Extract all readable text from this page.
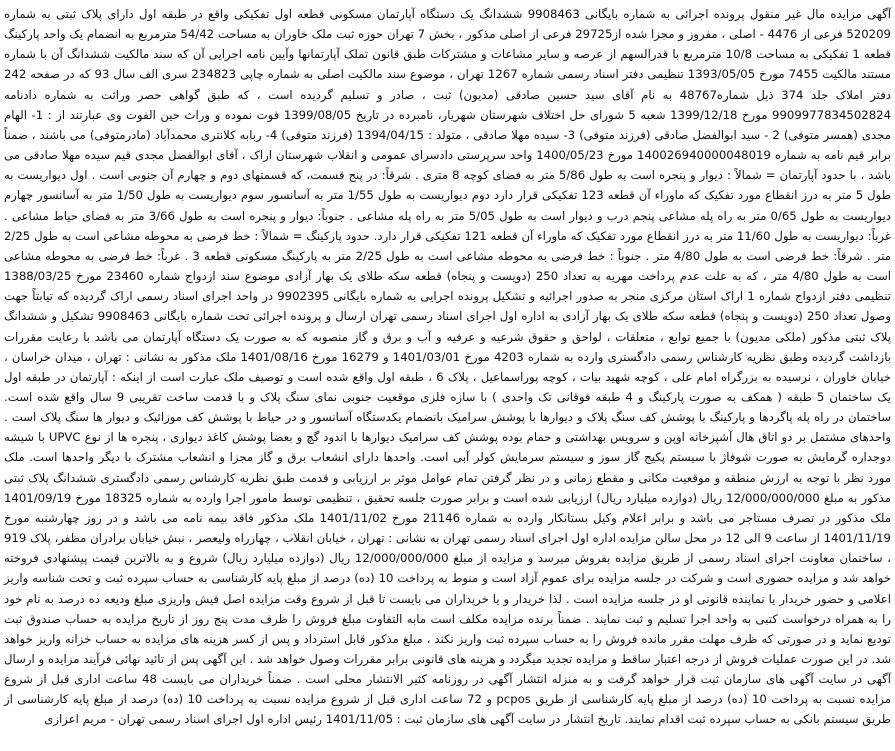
آگهی مزایده مال غیر منقول پرونده اجرائی به شماره بایگانی 9908463 ششدانگ یک دستگاه آپارتمان مسکونی قطعه اول تفکیکی واقع در طبقه اول دارای پلاک ثبتی به شماره 520209 فرعی از 4476 - اصلی ، مفروز و مجزا شده از29725 فرعی از اصلی مذکور ، بخش 7 تهران حوزه ثبت ملک خاوران به مساحت 54/42 مترمربع به انضمام یک واحد پارکینگ قطعه 1 تفکیکی به مساحت 10/8 مترمربع با قدرالسهم از عرصه و سایر مشاعات و مشترکات طبق قانون تملک آپارتمانها وآیین نامه اجرایی آن که سند مالکیت ششدانگ آن با شماره مستند مالکیت 7455 مورخ 1393/05/05 تنظیمی دفتر اسناد رسمی شماره 1267 تهران ، موضوع سند مالکیت اصلی به شماره چاپی 234823 سری الف سال 93 که در صفحه 242 دفتر املاک جلد 374 ذیل شماره48767 به نام آقای سید حسین صادقی (مدیون) ثبت ، صادر و تسلیم گردیده است ، که طبق گواهی حصر وراثت به شماره دادنامه 9909977834502824 مورخ 1399/12/18 شعبه 5 شورای حل اختلاف شهرستان شهریار، نامبرده در تاریخ 1399/08/05 فوت نموده و وراث حین الفوت وی عبارتند از : 1- الهام مجدی (همسر متوفی) 2 - سید ابوالفضل صادقی (فرزند متوفی) 3- سیده مهلا صادقی ، متولد : 1394/04/15 (فرزند متوفی) 4- ربابه کلانتری محمدآباد (مادرمتوفی) می باشند ، ضمناً برابر قیم نامه به شماره 140026940000048019 مورخ 1400/05/23 واحد سرپرستی دادسرای عمومی و انقلاب شهرستان اراک ، آقای ابوالفضل مجدی قیم سیده مهلا صادقی می باشد ، با حدود آپارتمان = شمالاً : دیوار و پنجره است به طول 5/86 متر به فضای کوچه 8 متری . شرقاً: در پنج قسمت، که قسمتهای دوم و چهارم آن جنوبی است . اول دیواریست به طول 5 متر به درز انقطاع مورد تفکیک که ماوراء آن قطعه 123 تفکیکی قرار دارد دوم دیواریست به طول 1/55 متر به آسانسور سوم دیواریست به طول 1/50 متر به آسانسور چهارم دیواریست به طول 0/65 متر به راه پله مشاعی پنجم درب و دیوار است به طول 5/05 متر به راه پله مشاعی . جنوباً: دیوار و پنجره است به طول 3/66 متر به فضای حیاط مشاعی . غرباً: دیواریست به طول 11/60 متر به درز انقطاع مورد تفکیک که ماوراء آن قطعه 121 تفکیکی قرار دارد. حدود پارکینگ = شمالاً : خط فرضی به محوطه مشاعی است به طول 2/25 متر . شرقاً: خط فرضی است به طول 4/80 متر . جنوباً : خط فرضی به محوطه مشاعی است به طول 2/25 متر به پارکینگ مسکونی قطعه 3 . غرباً: خط فرضی به محوطه مشاعی است به طول 4/80 متر ، که به علت عدم پرداخت مهریه به تعداد 250 (دویست و پنجاه) قطعه سکه طلای یک بهار آزادی موضوع سند ازدواج شماره 23460 مورخ 1388/03/25 تنظیمی دفتر ازدواج شماره 1 اراک استان مرکزی منجر به صدور اجرائیه و تشکیل پرونده اجرایی به شماره بایگانی 9902395 در واحد اجرای اسناد رسمی اراک گردیده که تیابتاً جهت وصول تعداد 250 (دویست و پنجاه) قطعه سکه طلای یک بهار آزادی به اداره اول اجرای اسناد رسمی تهران ارسال و پرونده اجرائی تحت شماره بایگانی 9908463 تشکیل و ششدانگ پلاک ثبتی مذکور (ملکی مدیون) با جمیع توابع ، متعلقات ، لواحق و حقوق شرعیه و عرفیه و آب و برق و گاز منصوبه که به صورت یک دستگاه آپارتمان می باشد با رعایت مقررات بازداشت گردیده وطبق نظریه کارشناس رسمی دادگستری وارده به شماره 4203 مورخ 1401/03/01 و 16279 مورخ 1401/08/16 ملک مذکور به نشانی : تهران ، میدان خراسان ، خیابان خاوران ، نرسیده به بزرگراه امام علی ، کوچه شهید بیات ، کوچه پوراسماعیل ، پلاک 6 ، طبقه اول واقع شده است و توصیف ملک عبارت است از اینکه : آپارتمان در طبقه اول یک ساختمان 5 طبقه ( همکف به صورت پارکینگ و 4 طبقه فوقانی تک واحدی ) با سازه فلزی موقعیت جنوبی نمای سنگ پلاک و با قدمت ساخت تقریبی 9 سال واقع شده است. ساختمان در راه پله پاگردها و پارکینگ با پوشش کف سنگ پلاک و دیوارها با پوشش سرامیک بانضمام یکدستگاه آسانسور و در حیاط با پوشش کف موزائیک و دیوار ها سنگ پلاک است . واحدهای مشتمل بر دو اتاق هال آشپزخانه اوپن و سرویس بهداشتی و حمام بوده پوشش کف سرامیک دیوارها با اندود گچ و بعضا پوشش کاغذ دیواری ، پنجره ها از نوع UPVC با شیشه دوجداره گرمایش به صورت شوفاژ با سیستم پکیج گاز سوز و سیستم سرمایش کولر آبی است. واحدها دارای انشعاب برق و گاز مجزا و انشعاب مشترک با دیگر واحدها است. ملک مورد نظر با توجه به ارزش منطقه و موقعیت مکانی و مقطع زمانی و در نظر گرفتن تمام عوامل موثر بر ارزیابی و قدمت طبق نظریه کارشناس رسمی دادگستری ششدانگ پلاک ثبتی مذکور به مبلغ 12/000/000/000 ریال (دوازده میلیارد ریال) ارزیابی شده است و برابر صورت جلسه تحقیق ، تنظیمی توسط مامور اجرا وارده به شماره 18325 مورخ 1401/09/19 ملک مذکور در تصرف مستاجر می باشد و برابر اعلام وکیل بستانکار وارده به شماره 21146 مورخ 1401/11/02 ملک مذکور فاقد بیمه نامه می باشد و در روز چهارشنبه مورخ 1401/11/19 از ساعت 9 الی 12 در محل سالن مزایده اداره اول اجرای اسناد رسمی تهران به نشانی : تهران ، خیابان انقلاب ، چهارراه ولیعصر ، نبش خیابان برادران مظفر، پلاک 919 ، ساختمان معاونت اجرای اسناد رسمی از طریق مزایده بفروش میرسد و مزایده از مبلغ 12/000/000/000 ریال (دوازده میلیارد ریال) شروع و به بالاترین قیمت پیشنهادی فروخته خواهد شد و مزایده حضوری است و شرکت در جلسه مزایده برای عموم آزاد است و منوط به پرداخت 10 (ده) درصد از مبلغ پایه کارشناسی به حساب سپرده ثبت و تحت شناسه واریز اعلامی و حضور خریدار یا نماینده قانونی او در جلسه مزایده است . لذا خریدار و یا خریداران می بایست تا قبل از شروع وقت مزایده اصل فیش واریزی مبلغ ودیعه ده درصد به نام خود را به همراه درخواست کتبی به واحد اجرا تسلیم و ثبت نمایند . ضمناً برنده مزایده مکلف است مابه التفاوت مبلغ فروش را ظرف مدت پنج روز از تاریخ مزایده به حساب صندوق ثبت تودیع نماید و در صورتی که ظرف مهلت مقرر مانده فروش را به حساب سپرده ثبت واریز نکند ، مبلغ مذکور قابل استرداد و پس از کسر هزینه های مزایده به حساب خزانه واریز خواهد شد. در این صورت عملیات فروش از درجه اعتبار ساقط و مزایده تجدید میگردد و هزینه های قانونی برابر مقررات وصول خواهد شد . این آگهی پس از تائید نهائی فرآیند مزایده و ارسال آگهی در سایت آگهی های سازمان ثبت قرار خواهد گرفت و به منزله انتشار آگهی در روزنامه کثیر الانتشار محلی است . ضمناً خریداران می بایست 48 ساعت اداری قبل از شروع مزایده نسبت به پرداخت 10 (ده) درصد از مبلغ پایه کارشناسی از طریق pcpos و 72 ساعت اداری قبل از شروع مزایده نسبت به پرداخت 10 (ده) درصد از مبلغ پایه کارشناسی از طریق سیستم بانکی به حساب سپرده ثبت اقدام نمایند. تاریخ انتشار در سایت آگهی های سازمان ثبت : 1401/11/05 رئیس اداره اول اجرای اسناد رسمی تهران - مریم اعزازی
